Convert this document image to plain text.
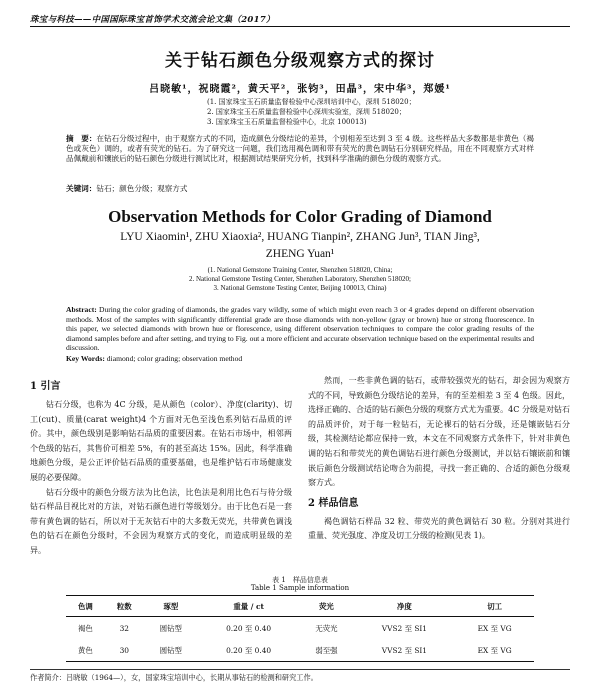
珠宝与科技——中国国际珠宝首饰学术交流会论文集（2017）
关于钻石颜色分级观察方式的探讨
吕晓敏¹，祝晓霞²，黄天平²，张钧³，田晶³，宋中华³，郑媛¹
(1. 国家珠宝玉石质量监督检验中心深圳培训中心，深圳 518020；
2. 国家珠宝玉石质量监督检验中心深圳实验室，深圳 518020；
3. 国家珠宝玉石质量监督检验中心，北京 100013)
摘　要：在钻石分级过程中，由于观察方式的不同，造成颜色分级结论的差异，个别相差至达到 3 至 4 级。这些样品大多数都是非黄色（褐色或灰色）调的，或者有荧光的钻石。为了研究这一问题，我们选用褐色调和带有荧光的黄色调钻石分别研究样品，用在不同观察方式对样品佩戴前和镶嵌后的钻石颜色分级进行测试比对，根据测试结果研究分析，找到科学准确的颜色分级的观察方式。
关键词：钻石；颜色分级；观察方式
Observation Methods for Color Grading of Diamond
LYU Xiaomin¹, ZHU Xiaoxia², HUANG Tianpin², ZHANG Jun³, TIAN Jing³,
ZHENG Yuan¹
(1. National Gemstone Training Center, Shenzhen 518020, China;
2. National Gemstone Testing Center, Shenzhen Laboratory, Shenzhen 518020;
3. National Gemstone Testing Center, Beijing 100013, China)
Abstract: During the color grading of diamonds, the grades vary wildly, some of which might even reach 3 or 4 grades depend on different observation methods. Most of the samples with significantly differential grade are those diamonds with non-yellow (gray or brown) hue or strong fluorescence. In this paper, we selected diamonds with brown hue or florescence, using different observation techniques to compare the color grading results of the diamond samples before and after setting, and trying to Fig. out a more efficient and accurate observation technique based on the experimental results and discussion.
Key Words: diamond; color grading; observation method
1 引言

钻石分级，也称为 4C 分级，是从颜色（color）、净度(clarity)、切工(cut)、质量(carat weight)4 个方面对无色至浅色系列钻石品质的评价。其中，颜色级别是影响钻石品质的重要因素。在钻石市场中，相邻两个色级的钻石，其售价可相差 5%，有的甚至高达 15%。因此，科学准确地颜色分级，是公正评价钻石品质的重要基础，也是维护钻石市场健康发展的必要保障。

钻石分级中的颜色分级方法为比色法，比色法是利用比色石与待分级钻石样品目视比对的方法，对钻石颜色进行等级划分。由于比色石是一套带有黄色调的钻石，所以对于无灰钻石中的大多数无荧光，共带黄色调浅色的钻石在颜色分级时，不会因为观察方式的变化，而造成明显级的差异。

然而，一些非黄色调的钻石，或带较强荧光的钻石，却会因为观察方式的不同，导致颜色分级结论的差异，有的至差相差 3 至 4 色级。因此，选择正确的、合适的钻石颜色分级的观察方式尤为重要。4C 分级是对钻石的品质评价，对于每一粒钻石，无论裸石的钻石分级，还是镶嵌钻石分级，其检测结论都应保持一致，本文在不同观察方式条件下，针对非黄色调的钻石和带荧光的黄色调钻石进行颜色分级测试，并以钻石镶嵌前和镶嵌后颜色分级测试结论吻合为前提，寻找一套正确的、合适的颜色分级观察方式。

2 样品信息

褐色调钻石样品 32 粒、带荧光的黄色调钻石 30 粒。分别对其进行重量、荧光强度、净度及切工分级的检测(见表 1)。

表 1　样品信息表
Table 1 Sample information
色调	粒数	琢型	重量 / ct	荧光	净度	切工
褐色	32	圆钻型	0.20 至 0.40	无荧光	VVS2 至 SI1	EX 至 VG
黄色	30	圆钻型	0.20 至 0.40	弱至强	VVS2 至 SI1	EX 至 VG
作者简介：吕晓敏（1964—），女，国家珠宝培训中心，长期从事钻石的检测和研究工作。
